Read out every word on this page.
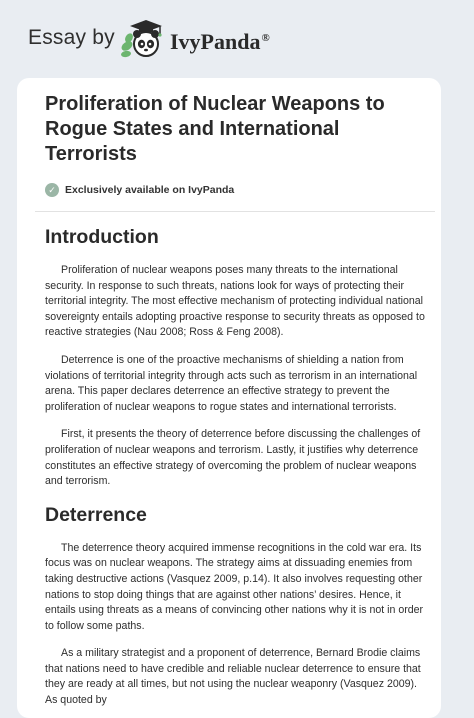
Essay by	IvyPanda®
Proliferation of Nuclear Weapons to Rogue States and International Terrorists
✓ Exclusively available on IvyPanda
Introduction

Proliferation of nuclear weapons poses many threats to the international security. In response to such threats, nations look for ways of protecting their territorial integrity. The most effective mechanism of protecting individual national sovereignty entails adopting proactive response to security threats as opposed to reactive strategies (Nau 2008; Ross & Feng 2008).

Deterrence is one of the proactive mechanisms of shielding a nation from violations of territorial integrity through acts such as terrorism in an international arena. This paper declares deterrence an effective strategy to prevent the proliferation of nuclear weapons to rogue states and international terrorists.

First, it presents the theory of deterrence before discussing the challenges of proliferation of nuclear weapons and terrorism. Lastly, it justifies why deterrence constitutes an effective strategy of overcoming the problem of nuclear weapons and terrorism.

Deterrence

The deterrence theory acquired immense recognitions in the cold war era. Its focus was on nuclear weapons. The strategy aims at dissuading enemies from taking destructive actions (Vasquez 2009, p.14). It also involves requesting other nations to stop doing things that are against other nations’ desires. Hence, it entails using threats as a means of convincing other nations why it is not in order to follow some paths.

As a military strategist and a proponent of deterrence, Bernard Brodie claims that nations need to have credible and reliable nuclear deterrence to ensure that they are ready at all times, but not using the nuclear weaponry (Vasquez 2009). As quoted by
